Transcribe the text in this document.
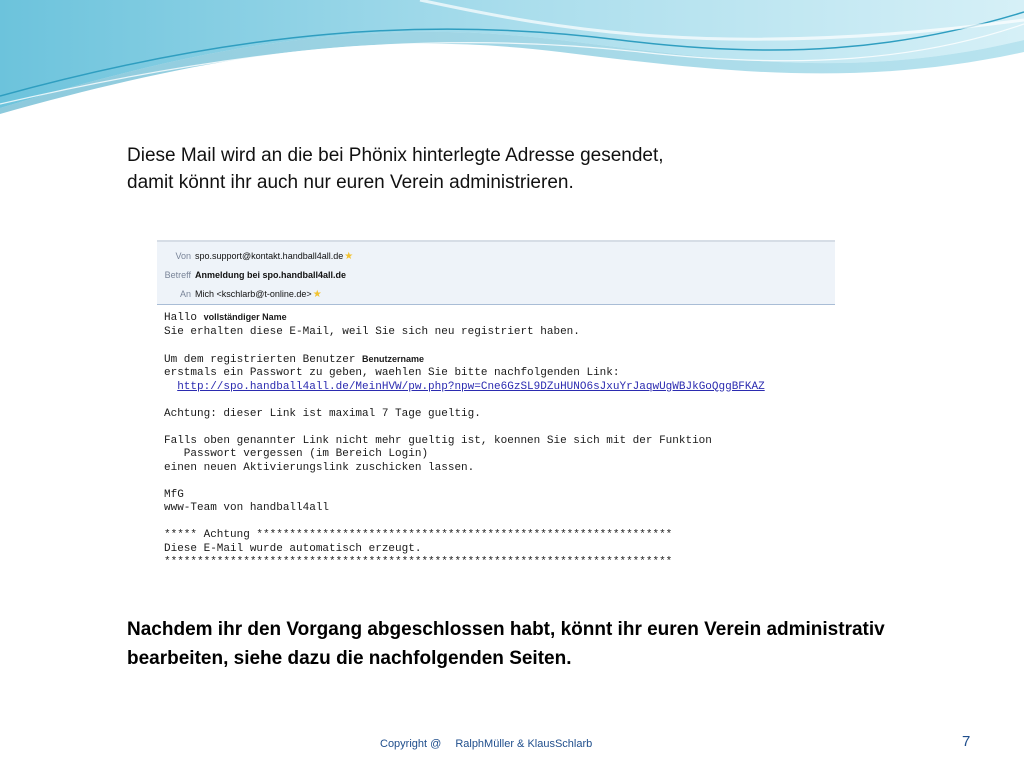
Diese Mail wird an die bei Phönix hinterlegte Adresse gesendet,
damit könnt ihr auch nur euren Verein administrieren.
Von spo.support@kontakt.handball4all.de★
Betreff Anmeldung bei spo.handball4all.de
An Mich <kschlarb@t-online.de>★
Hallo vollständiger Name
Sie erhalten diese E-Mail, weil Sie sich neu registriert haben.

Um dem registrierten Benutzer Benutzername
erstmals ein Passwort zu geben, waehlen Sie bitte nachfolgenden Link:
http://spo.handball4all.de/MeinHVW/pw.php?npw=Cne6GzSL9DZuHUNO6sJxuYrJaqwUgWBJkGoQggBFKAZ

Achtung: dieser Link ist maximal 7 Tage gueltig.

Falls oben genannter Link nicht mehr gueltig ist, koennen Sie sich mit der Funktion
Passwort vergessen (im Bereich Login)
einen neuen Aktivierungslink zuschicken lassen.

MfG
www-Team von handball4all

***** Achtung ***************************************************************
Diese E-Mail wurde automatisch erzeugt.
*****************************************************************************
Nachdem ihr den Vorgang abgeschlossen habt, könnt ihr euren Verein administrativ
bearbeiten, siehe dazu die nachfolgenden Seiten.
Copyright @ RalphMüller & KlausSchlarb	7
